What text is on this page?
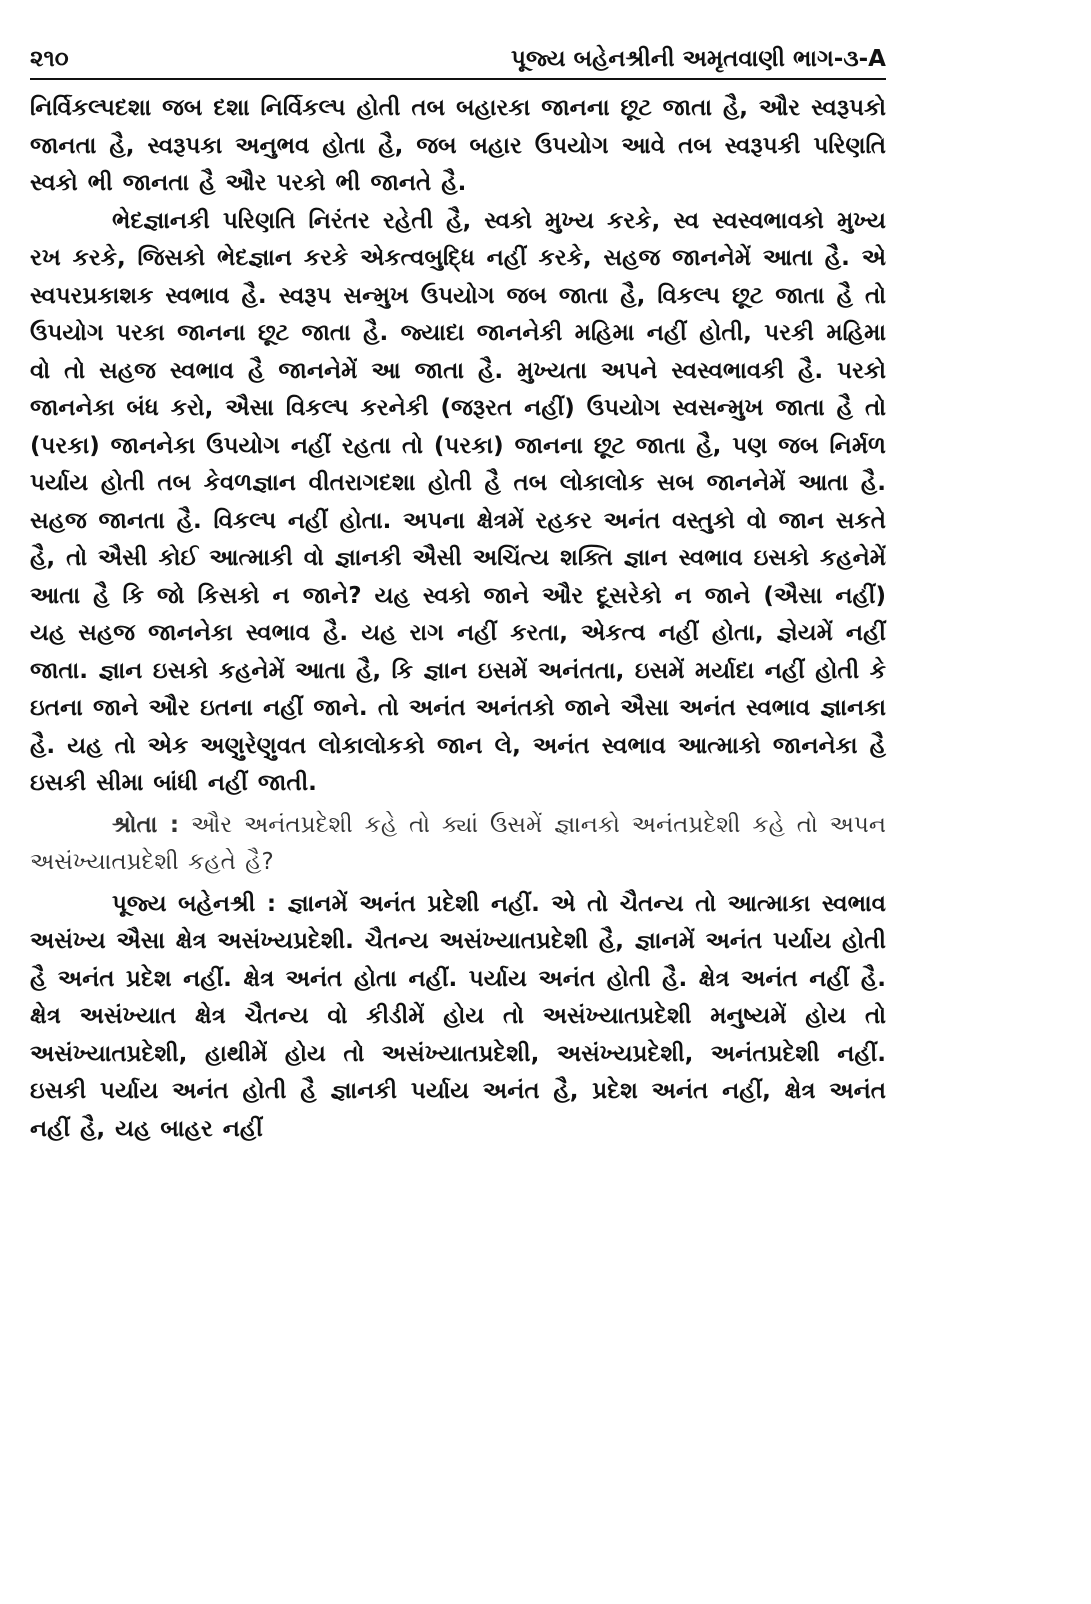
૨૧૦	પૂજ્ય બહેનશ્રીની અમૃતવાણી ભાગ-૩-A

નિર્વિકલ્પદશા જબ દશા નિર્વિકલ્પ હોતી તબ બહારકા જાનના છૂટ જાતા હૈ, ઔર સ્વરૂપકો જાનતા હૈ, સ્વરૂપકા અનુભવ હોતા હૈ, જબ બહાર ઉપયોગ આવે તબ સ્વરૂપકી પરિણતિ સ્વકો ભી જાનતા હૈ ઔર પરકો ભી જાનતે હૈ.

ભેદજ્ઞાનકી પરિણતિ નિરંતર રહેતી હૈ, સ્વકો મુખ્ય કરકે, સ્વ સ્વસ્વભાવકો મુખ્ય રખ કરકે, જિસકો ભેદજ્ઞાન કરકે એકત્વબુદ્ધિ નહીં કરકે, સહજ જાનનેમેં આતા હૈ. એ સ્વપરપ્રકાશક સ્વભાવ હૈ. સ્વરૂપ સન્મુખ ઉપયોગ જબ જાતા હૈ, વિકલ્પ છૂટ જાતા હૈ તો ઉપયોગ પરકા જાનના છૂટ જાતા હૈ. જ્યાદા જાનનેકી મહિમા નહીં હોતી, પરકી મહિમા વો તો સહજ સ્વભાવ હૈ જાનનેમેં આ જાતા હૈ. મુખ્યતા અપને સ્વસ્વભાવકી હૈ. પરકો જાનનેકા બંધ કરો, ઐસા વિકલ્પ કરનેકી (જરૂરત નહીં) ઉપયોગ સ્વસન્મુખ જાતા હૈ તો (પરકા) જાનનેકા ઉપયોગ નહીં રહતા તો (પરકા) જાનના છૂટ જાતા હૈ, પણ જબ નિર્મળ પર્યાય હોતી તબ કેવળજ્ઞાન વીતરાગદશા હોતી હૈ તબ લોકાલોક સબ જાનનેમેં આતા હૈ. સહજ જાનતા હૈ. વિકલ્પ નહીં હોતા. અપના ક્ષેત્રમેં રહકર અનંત વસ્તુકો વો જાન સકતે હૈ, તો ઐસી કોઈ આત્માકી વો જ્ઞાનકી ઐસી અચિંત્ય શક્તિ જ્ઞાન સ્વભાવ ઇસકો કહનેમેં આતા હૈ કિ જો કિસકો ન જાને? યહ સ્વકો જાને ઔર દૂસરેકો ન જાને (ઐસા નહીં) યહ સહજ જાનનેકા સ્વભાવ હૈ. યહ રાગ નહીં કરતા, એકત્વ નહીં હોતા, જ્ઞેયમેં નહીં જાતા. જ્ઞાન ઇસકો કહનેમેં આતા હૈ, કિ જ્ઞાન ઇસમેં અનંતતા, ઇસમેં મર્યાદા નહીં હોતી કે ઇતના જાને ઔર ઇતના નહીં જાને. તો અનંત અનંતકો જાને ઐસા અનંત સ્વભાવ જ્ઞાનકા હૈ. યહ તો એક અણુરેણુવત લોકાલોકકો જાન લે, અનંત સ્વભાવ આત્માકો જાનનેકા હૈ ઇસકી સીમા બાંધી નહીં જાતી.

શ્રોતા : ઔર અનંતપ્રદેશી કહે તો ક્યાં ઉસમેં જ્ઞાનકો અનંતપ્રદેશી કહે તો અપન અસંખ્યાતપ્રદેશી કહતે હૈ?

પૂજ્ય બહેનશ્રી : જ્ઞાનમેં અનંત પ્રદેશી નહીં. એ તો ચૈતન્ય તો આત્માકા સ્વભાવ અસંખ્ય ઐસા ક્ષેત્ર અસંખ્યપ્રદેશી. ચૈતન્ય અસંખ્યાતપ્રદેશી હૈ, જ્ઞાનમેં અનંત પર્યાય હોતી હૈ અનંત પ્રદેશ નહીં. ક્ષેત્ર અનંત હોતા નહીં. પર્યાય અનંત હોતી હૈ. ક્ષેત્ર અનંત નહીં હૈ. ક્ષેત્ર અસંખ્યાત ક્ષેત્ર ચૈતન્ય વો કીડીમેં હોય તો અસંખ્યાતપ્રદેશી મનુષ્યમેં હોય તો અસંખ્યાતપ્રદેશી, હાથીમેં હોય તો અસંખ્યાતપ્રદેશી, અસંખ્યપ્રદેશી, અનંતપ્રદેશી નહીં. ઇસકી પર્યાય અનંત હોતી હૈ જ્ઞાનકી પર્યાય અનંત હૈ, પ્રદેશ અનંત નહીં, ક્ષેત્ર અનંત નહીં હૈ, યહ બાહર નહીં
